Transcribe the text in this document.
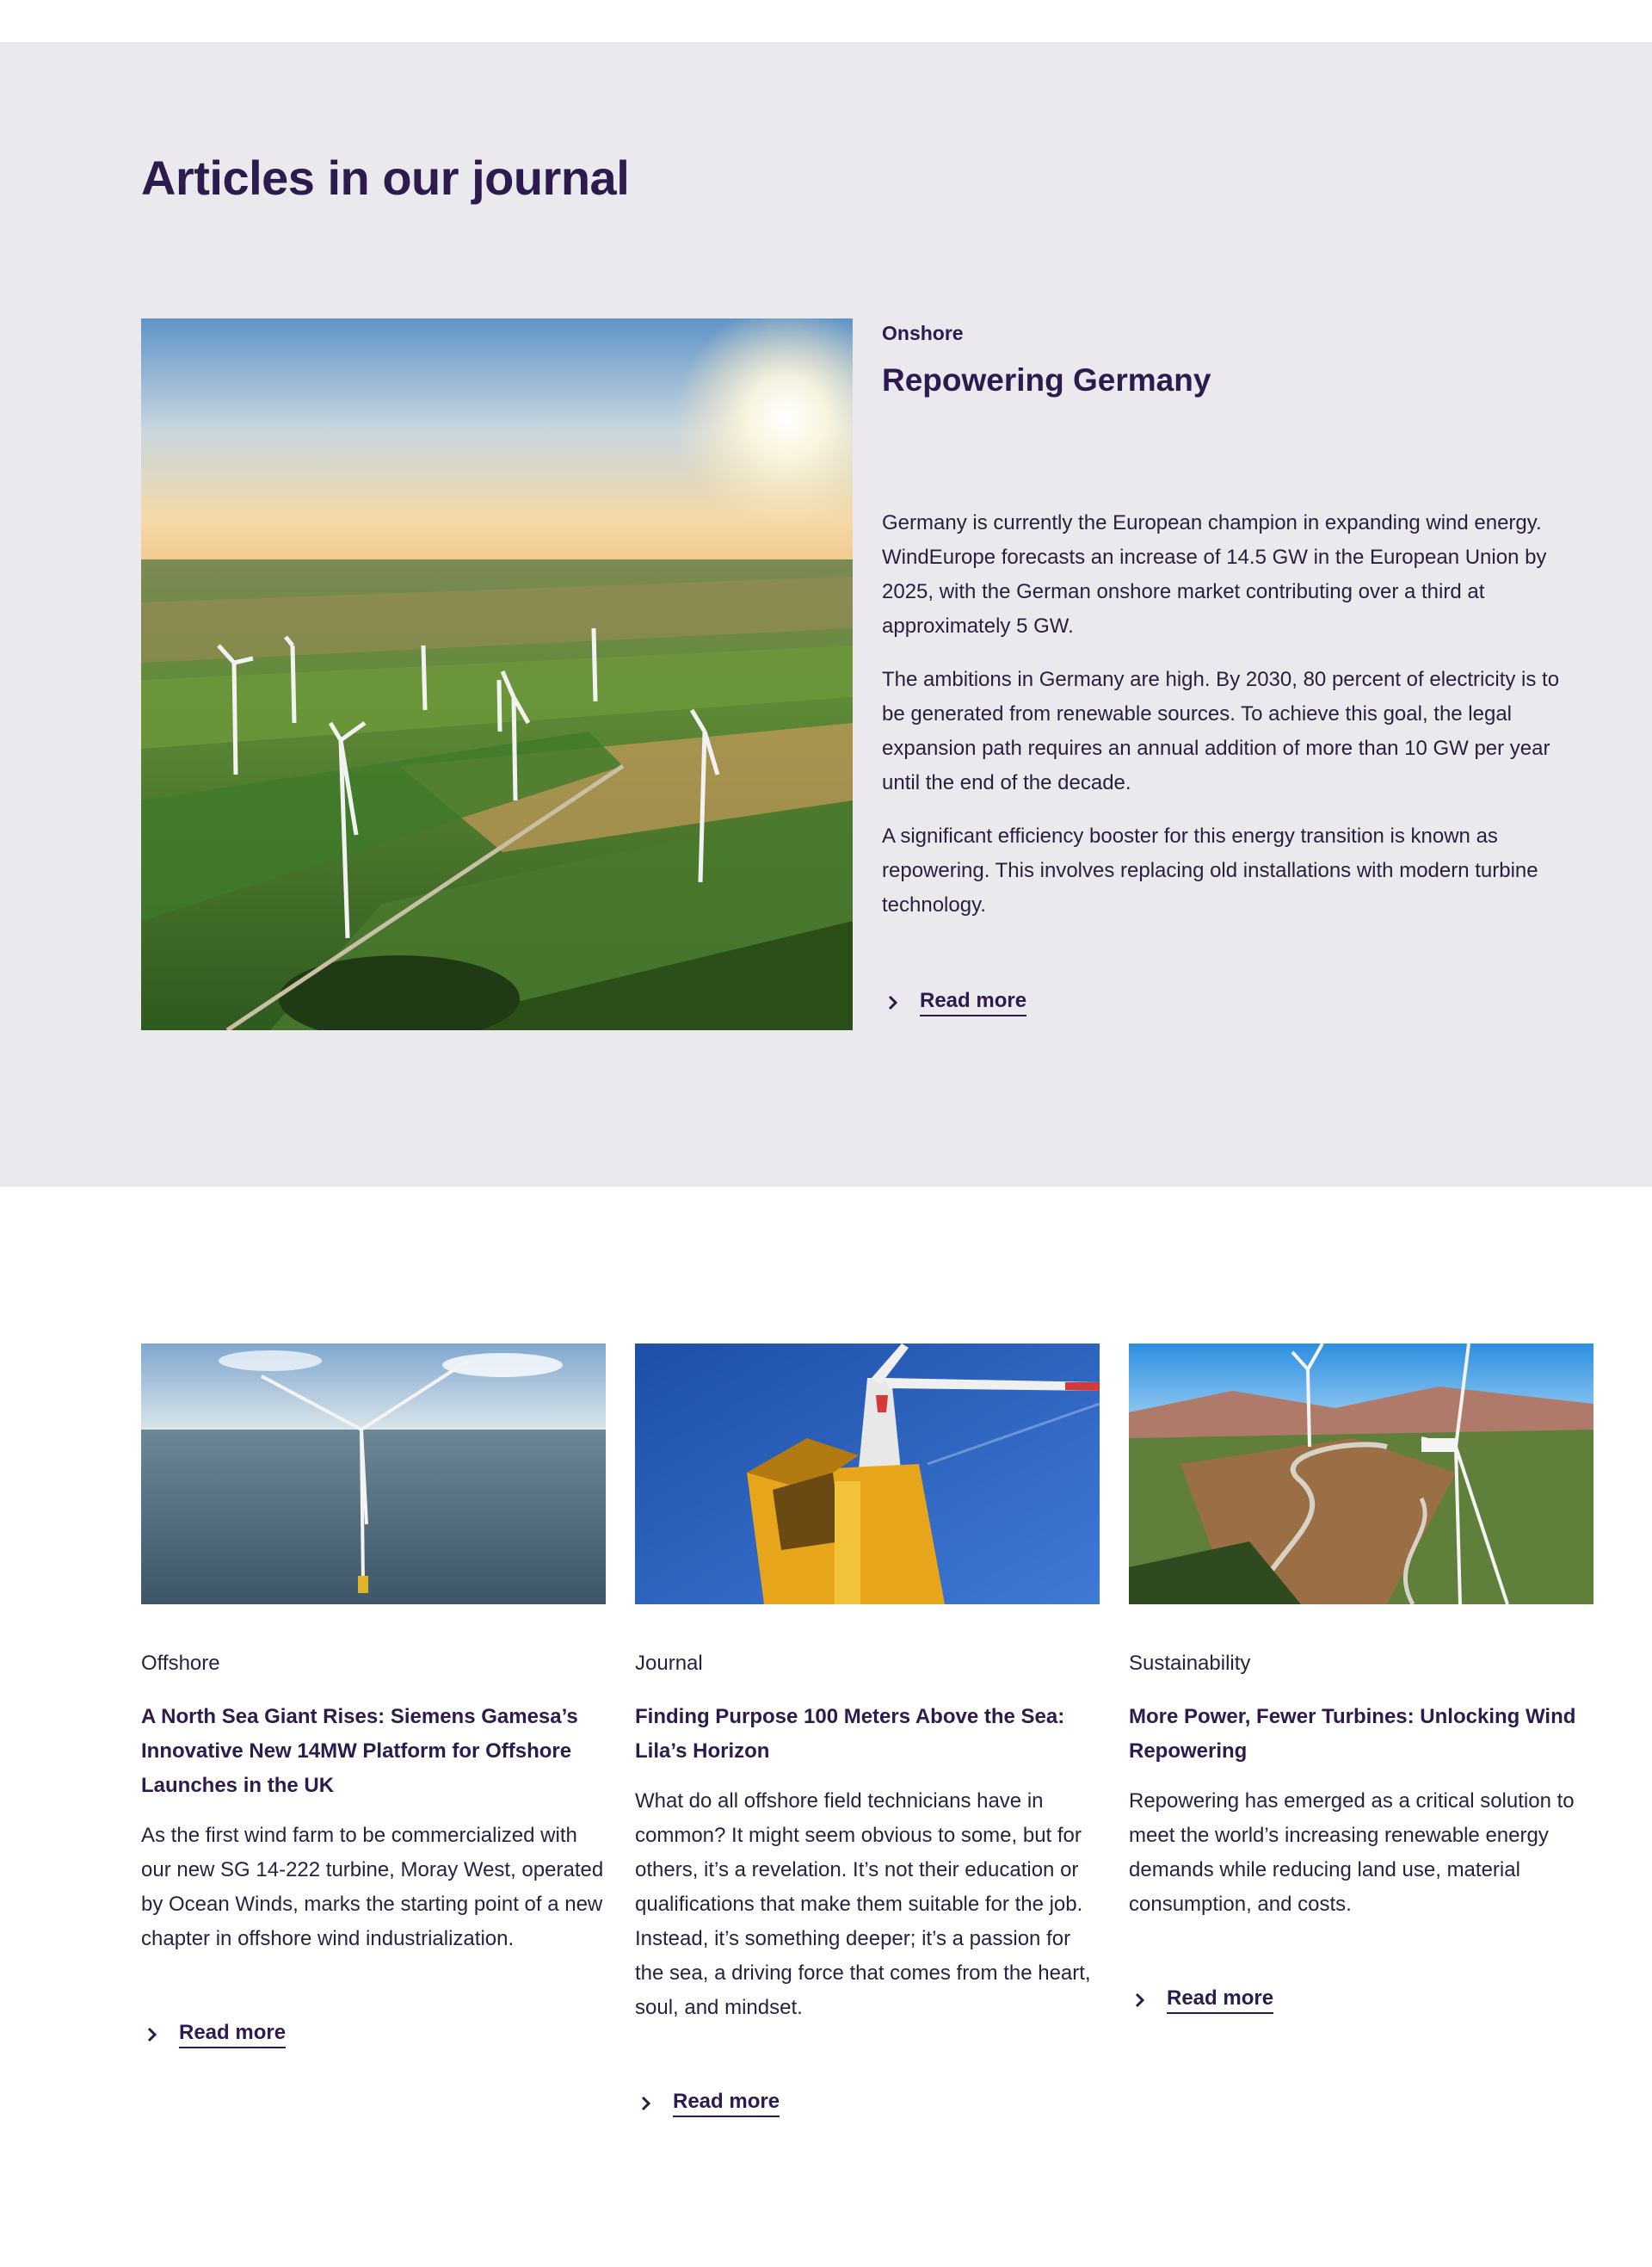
Articles in our journal
Onshore
Repowering Germany

Germany is currently the European champion in expanding wind energy. WindEurope forecasts an increase of 14.5 GW in the European Union by 2025, with the German onshore market contributing over a third at approximately 5 GW.

The ambitions in Germany are high. By 2030, 80 percent of electricity is to be generated from renewable sources. To achieve this goal, the legal expansion path requires an annual addition of more than 10 GW per year until the end of the decade.

A significant efficiency booster for this energy transition is known as repowering. This involves replacing old installations with modern turbine technology.

Read more
Offshore
A North Sea Giant Rises: Siemens Gamesa’s Innovative New 14MW Platform for Offshore Launches in the UK

As the first wind farm to be commercialized with our new SG 14-222 turbine, Moray West, operated by Ocean Winds, marks the starting point of a new chapter in offshore wind industrialization.

Read more
Journal
Finding Purpose 100 Meters Above the Sea: Lila’s Horizon

What do all offshore field technicians have in common? It might seem obvious to some, but for others, it’s a revelation. It’s not their education or qualifications that make them suitable for the job. Instead, it’s something deeper; it’s a passion for the sea, a driving force that comes from the heart, soul, and mindset.

Read more
Sustainability
More Power, Fewer Turbines: Unlocking Wind Repowering

Repowering has emerged as a critical solution to meet the world’s increasing renewable energy demands while reducing land use, material consumption, and costs.

Read more
